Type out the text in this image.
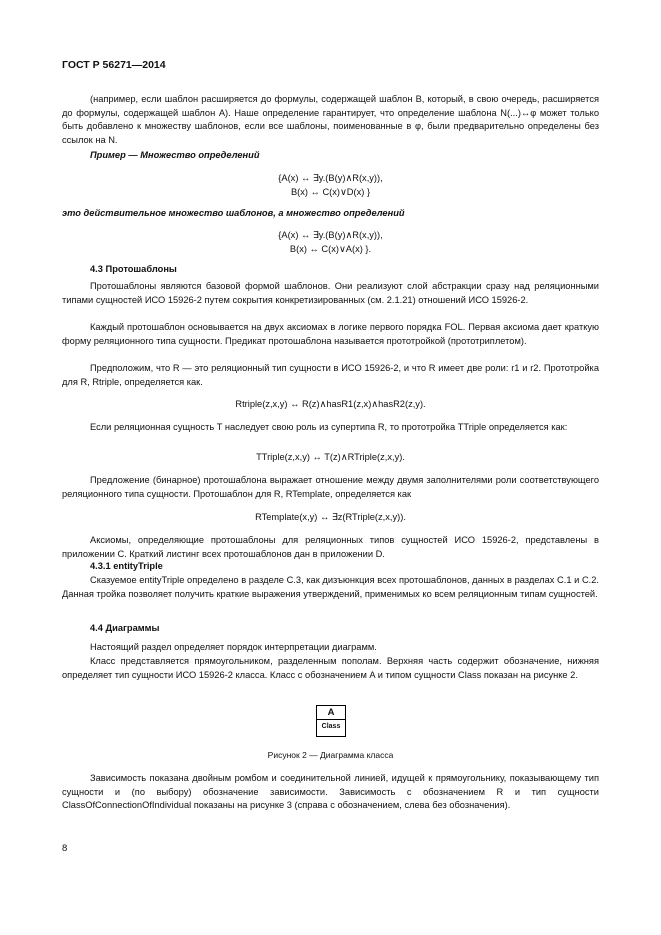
ГОСТ Р 56271—2014
(например, если шаблон расширяется до формулы, содержащей шаблон B, который, в свою очередь, расширяется до формулы, содержащей шаблон A). Наше определение гарантирует, что определение шаблона N(...)↔φ может только быть добавлено к множеству шаблонов, если все шаблоны, поименованные в φ, были предварительно определены без ссылок на N.
Пример — Множество определений
{A(x) ↔ ∃y.(B(y)∧R(x,y)),
B(x) ↔ C(x)∨D(x) }
это действительное множество шаблонов, а множество определений
{A(x) ↔ ∃y.(B(y)∧R(x,y)),
B(x) ↔ C(x)∨A(x) }.
4.3 Протошаблоны
Протошаблоны являются базовой формой шаблонов. Они реализуют слой абстракции сразу над реляционными типами сущностей ИСО 15926-2 путем сокрытия конкретизированных (см. 2.1.21) отношений ИСО 15926-2.
Каждый протошаблон основывается на двух аксиомах в логике первого порядка FOL. Первая аксиома дает краткую форму реляционного типа сущности. Предикат протошаблона называется прототройкой (прототриплетом).
Предположим, что R — это реляционный тип сущности в ИСО 15926-2, и что R имеет две роли: r1 и r2. Прототройка для R, Rtriple, определяется как.
Rtriple(z,x,y) ↔ R(z)∧hasR1(z,x)∧hasR2(z,y).
Если реляционная сущность T наследует свою роль из супертипа R, то прототройка TTriple определяется как:
TTriple(z,x,y) ↔ T(z)∧RTriple(z,x,y).
Предложение (бинарное) протошаблона выражает отношение между двумя заполнителями роли соответствующего реляционного типа сущности. Протошаблон для R, RTemplate, определяется как
RTemplate(x,y) ↔ ∃z(RTriple(z,x,y)).
Аксиомы, определяющие протошаблоны для реляционных типов сущностей ИСО 15926-2, представлены в приложении C. Краткий листинг всех протошаблонов дан в приложении D.
4.3.1 entityTriple
Сказуемое entityTriple определено в разделе C.3, как дизъюнкция всех протошаблонов, данных в разделах C.1 и C.2. Данная тройка позволяет получить краткие выражения утверждений, применимых ко всем реляционным типам сущностей.
4.4 Диаграммы
Настоящий раздел определяет порядок интерпретации диаграмм.
Класс представляется прямоугольником, разделенным пополам. Верхняя часть содержит обозначение, нижняя определяет тип сущности ИСО 15926-2 класса. Класс с обозначением A и типом сущности Class показан на рисунке 2.
A
Class
Рисунок 2 — Диаграмма класса
Зависимость показана двойным ромбом и соединительной линией, идущей к прямоугольнику, показывающему тип сущности и (по выбору) обозначение зависимости. Зависимость с обозначением R и тип сущности ClassOfConnectionOfIndividual показаны на рисунке 3 (справа с обозначением, слева без обозначения).
8
